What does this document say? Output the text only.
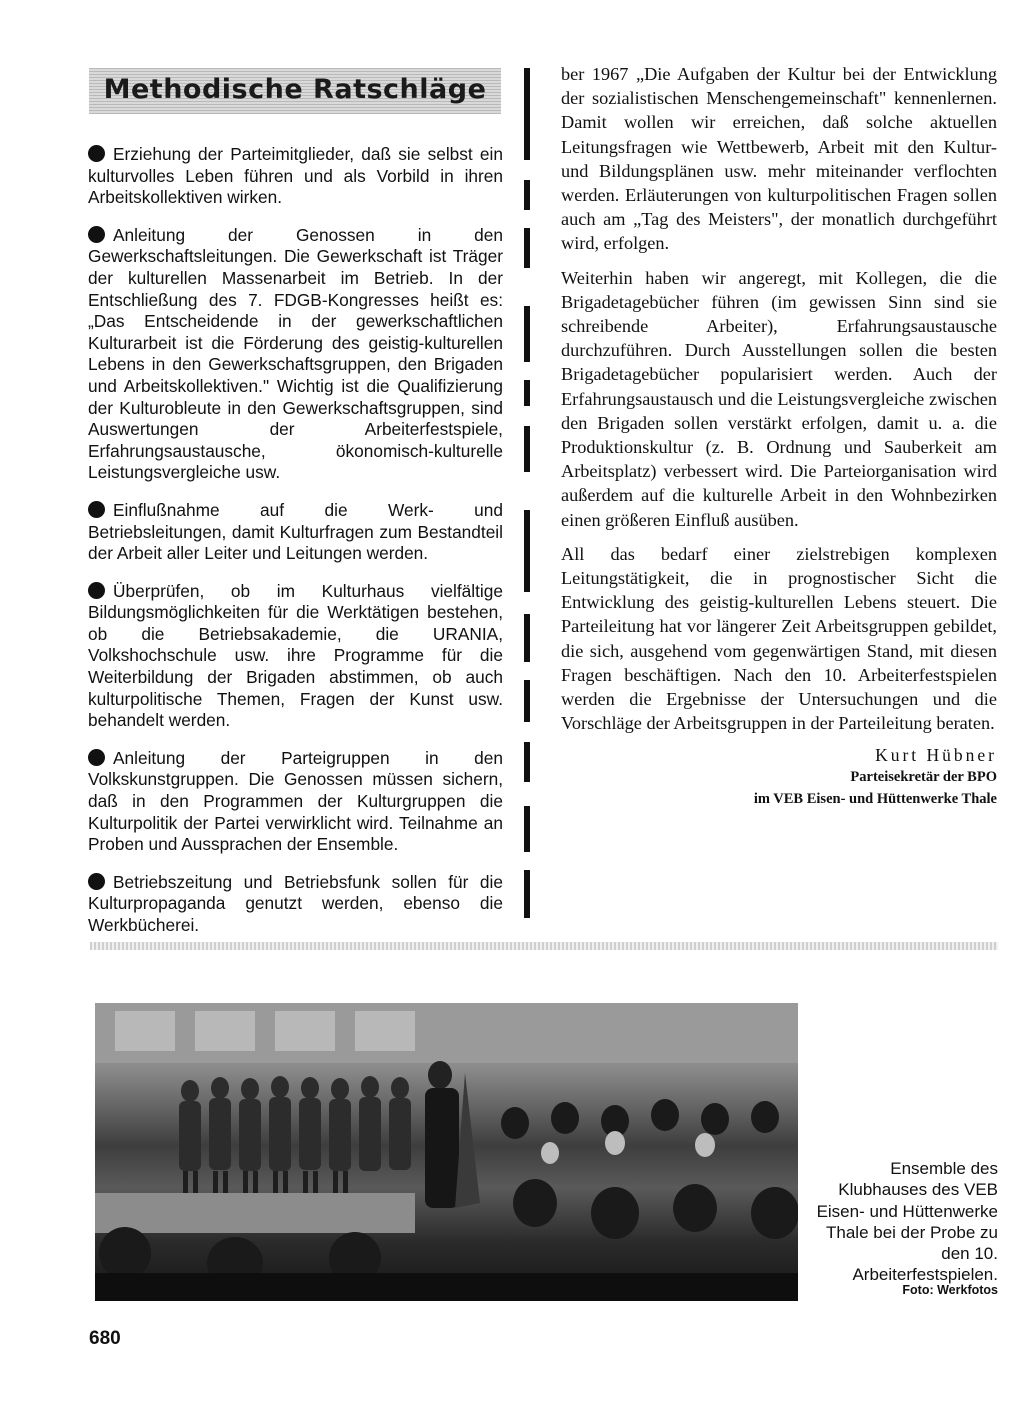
Methodische Ratschläge

Erziehung der Parteimitglieder, daß sie selbst ein kulturvolles Leben führen und als Vorbild in ihren Arbeitskollektiven wirken.

Anleitung der Genossen in den Gewerkschaftsleitungen. Die Gewerkschaft ist Träger der kulturellen Massenarbeit im Betrieb. In der Entschließung des 7. FDGB-Kongresses heißt es: „Das Entscheidende in der gewerkschaftlichen Kulturarbeit ist die Förderung des geistig-kulturellen Lebens in den Gewerkschaftsgruppen, den Brigaden und Arbeitskollektiven." Wichtig ist die Qualifizierung der Kulturobleute in den Gewerkschaftsgruppen, sind Auswertungen der Arbeiterfestspiele, Erfahrungsaustausche, ökonomisch-kulturelle Leistungsvergleiche usw.

Einflußnahme auf die Werk- und Betriebsleitungen, damit Kulturfragen zum Bestandteil der Arbeit aller Leiter und Leitungen werden.

Überprüfen, ob im Kulturhaus vielfältige Bildungsmöglichkeiten für die Werktätigen bestehen, ob die Betriebsakademie, die URANIA, Volkshochschule usw. ihre Programme für die Weiterbildung der Brigaden abstimmen, ob auch kulturpolitische Themen, Fragen der Kunst usw. behandelt werden.

Anleitung der Parteigruppen in den Volkskunstgruppen. Die Genossen müssen sichern, daß in den Programmen der Kulturgruppen die Kulturpolitik der Partei verwirklicht wird. Teilnahme an Proben und Aussprachen der Ensemble.

Betriebszeitung und Betriebsfunk sollen für die Kulturpropaganda genutzt werden, ebenso die Werkbücherei.

ber 1967 „Die Aufgaben der Kultur bei der Entwicklung der sozialistischen Menschengemeinschaft" kennenlernen. Damit wollen wir erreichen, daß solche aktuellen Leitungsfragen wie Wettbewerb, Arbeit mit den Kultur- und Bildungsplänen usw. mehr miteinander verflochten werden. Erläuterungen von kulturpolitischen Fragen sollen auch am „Tag des Meisters", der monatlich durchgeführt wird, erfolgen.

Weiterhin haben wir angeregt, mit Kollegen, die die Brigadetagebücher führen (im gewissen Sinn sind sie schreibende Arbeiter), Erfahrungsaustausche durchzuführen. Durch Ausstellungen sollen die besten Brigadetagebücher popularisiert werden. Auch der Erfahrungsaustausch und die Leistungsvergleiche zwischen den Brigaden sollen verstärkt erfolgen, damit u. a. die Produktionskultur (z. B. Ordnung und Sauberkeit am Arbeitsplatz) verbessert wird. Die Parteiorganisation wird außerdem auf die kulturelle Arbeit in den Wohnbezirken einen größeren Einfluß ausüben.

All das bedarf einer zielstrebigen komplexen Leitungstätigkeit, die in prognostischer Sicht die Entwicklung des geistig-kulturellen Lebens steuert. Die Parteileitung hat vor längerer Zeit Arbeitsgruppen gebildet, die sich, ausgehend vom gegenwärtigen Stand, mit diesen Fragen beschäftigen. Nach den 10. Arbeiterfestspielen werden die Ergebnisse der Untersuchungen und die Vorschläge der Arbeitsgruppen in der Parteileitung beraten.

Kurt Hübner
Parteisekretär der BPO
im VEB Eisen- und Hüttenwerke Thale
Ensemble des Klubhauses des VEB Eisen- und Hüttenwerke Thale bei der Probe zu den 10. Arbeiterfestspielen.
Foto: Werkfotos
680
